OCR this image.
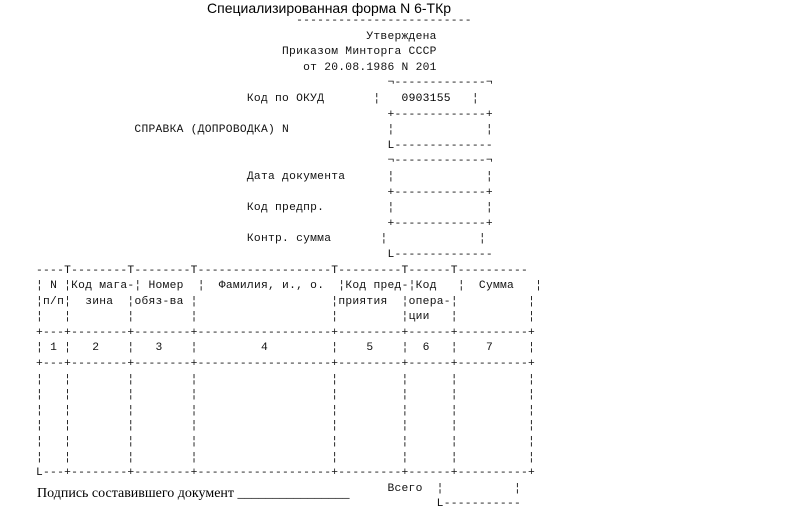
Специализированная форма N 6-ТКр
-------------------------
Утверждена
Приказом Минторга СССР
от 20.08.1986 N 201
¬-------------¬
Код по ОКУД       ¦   0903155   ¦
+-------------+
СПРАВКА (ДОПРОВОДКА) N              ¦             ¦
L--------------
¬-------------¬
Дата документа      ¦             ¦
+-------------+
Код предпр.         ¦             ¦
+-------------+
Контр. сумма       ¦             ¦
L--------------
----T--------T--------T-------------------T---------T------T----------
¦ N ¦Код мага-¦ Номер  ¦  Фамилия, и., о.  ¦Код пред-¦Код   ¦  Сумма   ¦
¦п/п¦  зина  ¦обяз-ва ¦                   ¦приятия  ¦опера-¦          ¦
¦   ¦        ¦        ¦                   ¦         ¦ции   ¦          ¦
+---+--------+--------+-------------------+---------+------+----------+
¦ 1 ¦   2    ¦   3    ¦         4         ¦    5    ¦  6   ¦    7     ¦
+---+--------+--------+-------------------+---------+------+----------+
¦   ¦        ¦        ¦                   ¦         ¦      ¦          ¦
¦   ¦        ¦        ¦                   ¦         ¦      ¦          ¦
¦   ¦        ¦        ¦                   ¦         ¦      ¦          ¦
¦   ¦        ¦        ¦                   ¦         ¦      ¦          ¦
¦   ¦        ¦        ¦                   ¦         ¦      ¦          ¦
¦   ¦        ¦        ¦                   ¦         ¦      ¦          ¦
L---+--------+--------+-------------------+---------+------+----------+
Всего  ¦          ¦
L-----------
Подпись составившего документ ________________
